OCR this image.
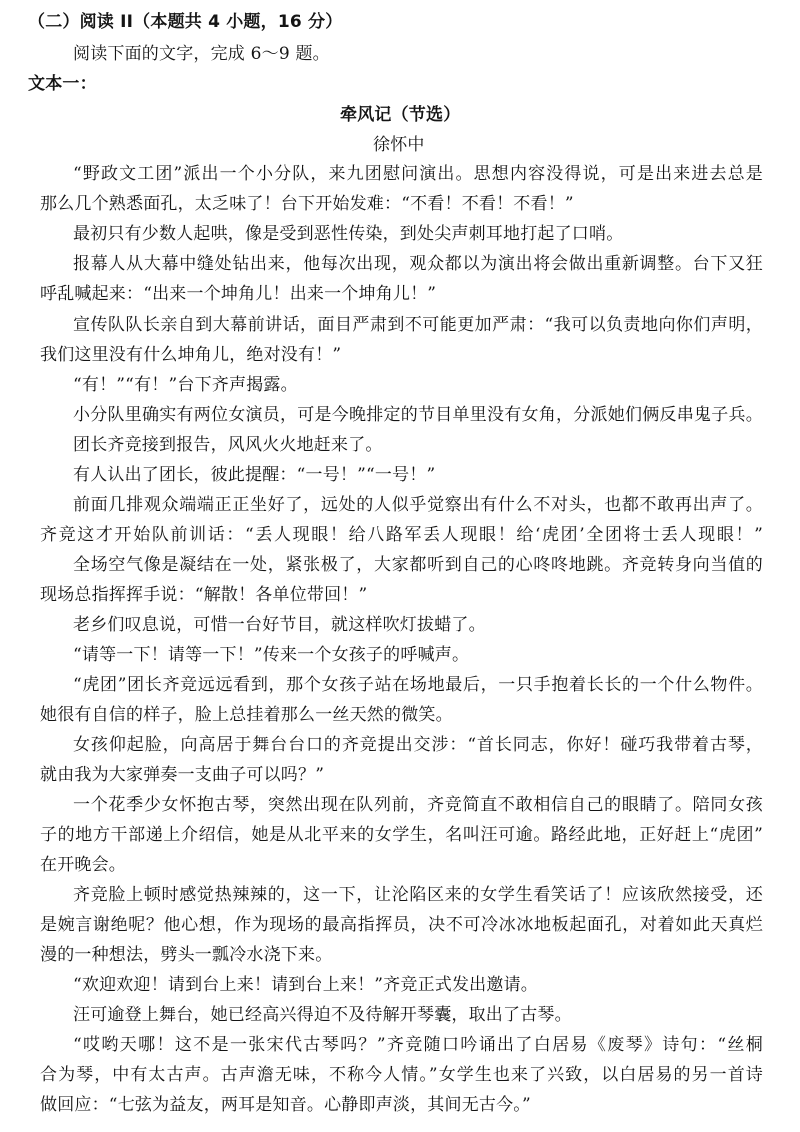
（二）阅读 II（本题共 4 小题，16 分）
阅读下面的文字，完成 6～9 题。
文本一：
牵风记（节选）
徐怀中
“野政文工团”派出一个小分队，来九团慰问演出。思想内容没得说，可是出来进去总是
那么几个熟悉面孔，太乏味了！台下开始发难：“不看！不看！不看！”
最初只有少数人起哄，像是受到恶性传染，到处尖声刺耳地打起了口哨。
报幕人从大幕中缝处钻出来，他每次出现，观众都以为演出将会做出重新调整。台下又狂
呼乱喊起来：“出来一个坤角儿！出来一个坤角儿！”
宣传队队长亲自到大幕前讲话，面目严肃到不可能更加严肃：“我可以负责地向你们声明，
我们这里没有什么坤角儿，绝对没有！”
“有！”“有！”台下齐声揭露。
小分队里确实有两位女演员，可是今晚排定的节目单里没有女角，分派她们俩反串鬼子兵。
团长齐竞接到报告，风风火火地赶来了。
有人认出了团长，彼此提醒：“一号！”“一号！”
前面几排观众端端正正坐好了，远处的人似乎觉察出有什么不对头，也都不敢再出声了。
齐竞这才开始队前训话：“丢人现眼！给八路军丢人现眼！给‘虎团’全团将士丢人现眼！”
全场空气像是凝结在一处，紧张极了，大家都听到自己的心咚咚地跳。齐竞转身向当值的
现场总指挥挥手说：“解散！各单位带回！”
老乡们叹息说，可惜一台好节目，就这样吹灯拔蜡了。
“请等一下！请等一下！”传来一个女孩子的呼喊声。
“虎团”团长齐竞远远看到，那个女孩子站在场地最后，一只手抱着长长的一个什么物件。
她很有自信的样子，脸上总挂着那么一丝天然的微笑。
女孩仰起脸，向高居于舞台台口的齐竞提出交涉：“首长同志，你好！碰巧我带着古琴，
就由我为大家弹奏一支曲子可以吗？”
一个花季少女怀抱古琴，突然出现在队列前，齐竞简直不敢相信自己的眼睛了。陪同女孩
子的地方干部递上介绍信，她是从北平来的女学生，名叫汪可逾。路经此地，正好赶上“虎团”
在开晚会。
齐竞脸上顿时感觉热辣辣的，这一下，让沦陷区来的女学生看笑话了！应该欣然接受，还
是婉言谢绝呢？他心想，作为现场的最高指挥员，决不可冷冰冰地板起面孔，对着如此天真烂
漫的一种想法，劈头一瓢冷水浇下来。
“欢迎欢迎！请到台上来！请到台上来！”齐竞正式发出邀请。
汪可逾登上舞台，她已经高兴得迫不及待解开琴囊，取出了古琴。
“哎哟天哪！这不是一张宋代古琴吗？”齐竞随口吟诵出了白居易《废琴》诗句：“丝桐
合为琴，中有太古声。古声澹无味，不称今人情。”女学生也来了兴致，以白居易的另一首诗
做回应：“七弦为益友，两耳是知音。心静即声淡，其间无古今。”
